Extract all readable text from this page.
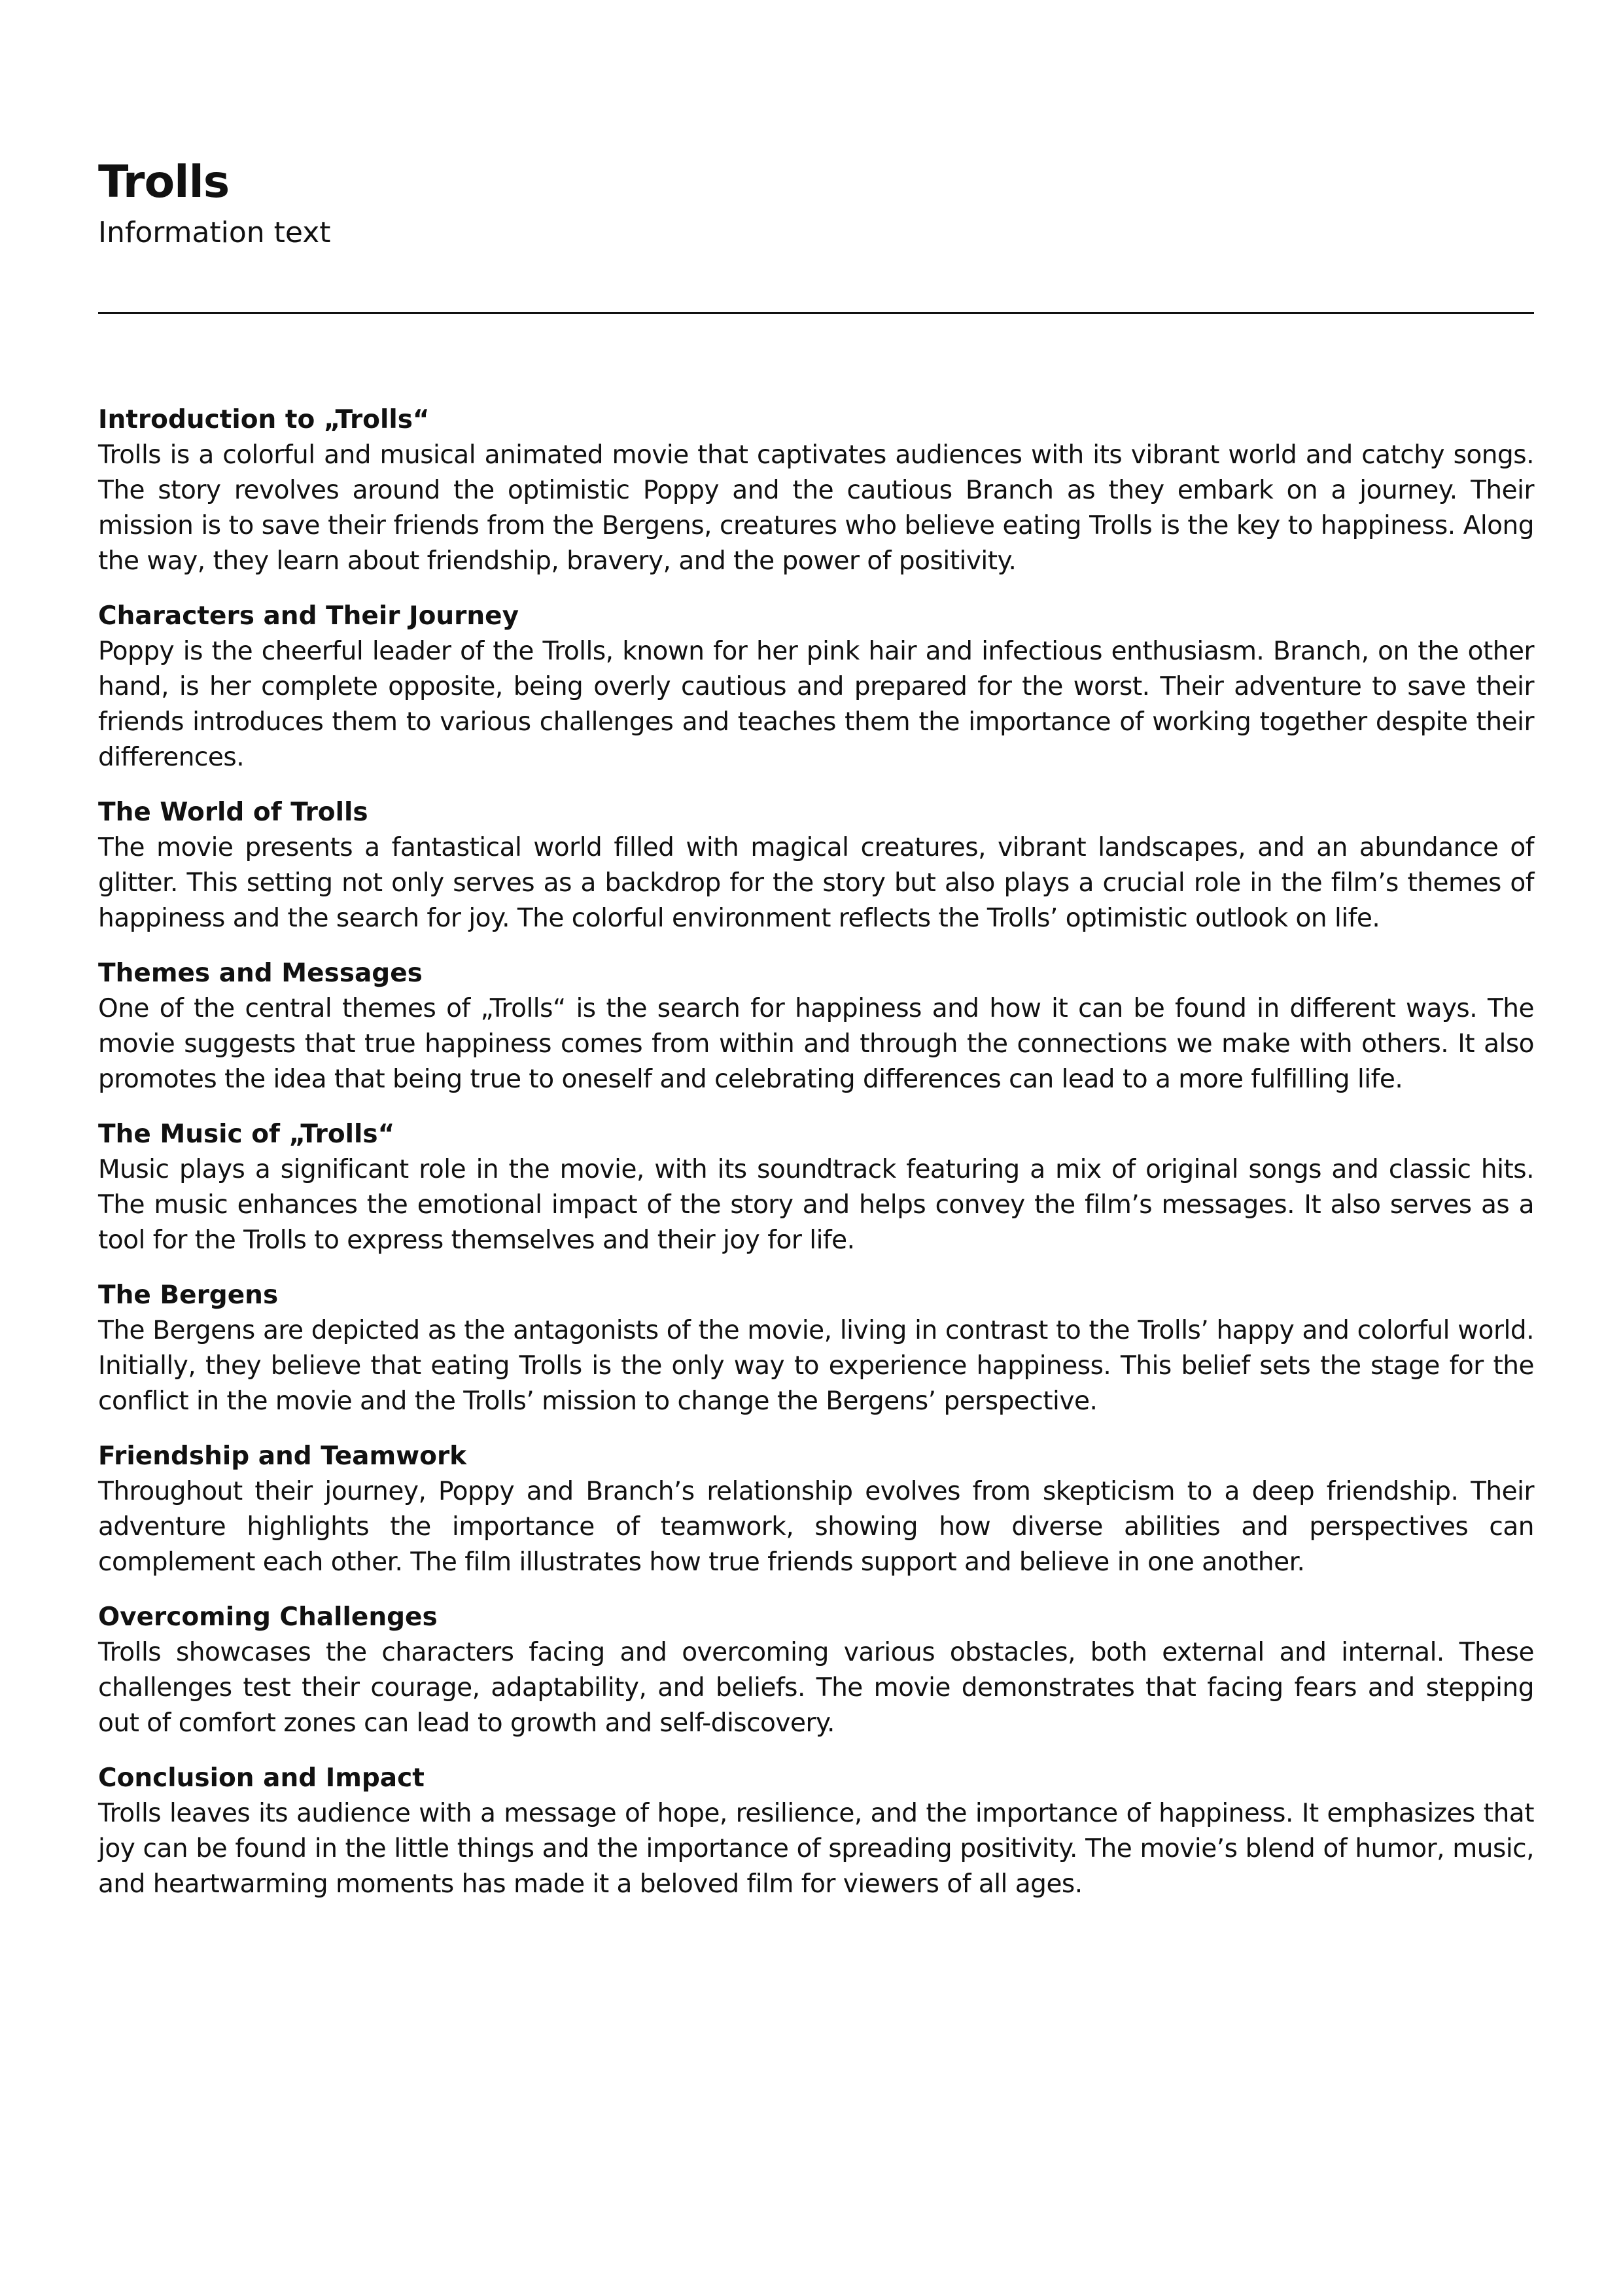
Trolls

Information text

Introduction to „Trolls“

Trolls is a colorful and musical animated movie that captivates audiences with its vibrant world and catchy songs. The story revolves around the optimistic Poppy and the cautious Branch as they embark on a journey. Their mission is to save their friends from the Bergens, creatures who believe eating Trolls is the key to happiness. Along the way, they learn about friendship, bravery, and the power of positivity.

Characters and Their Journey

Poppy is the cheerful leader of the Trolls, known for her pink hair and infectious enthusiasm. Branch, on the other hand, is her complete opposite, being overly cautious and prepared for the worst. Their adventure to save their friends introduces them to various challenges and teaches them the importance of working together despite their differences.

The World of Trolls

The movie presents a fantastical world filled with magical creatures, vibrant landscapes, and an abundance of glitter. This setting not only serves as a backdrop for the story but also plays a crucial role in the film’s themes of happiness and the search for joy. The colorful environment reflects the Trolls’ optimistic outlook on life.

Themes and Messages

One of the central themes of „Trolls“ is the search for happiness and how it can be found in different ways. The movie suggests that true happiness comes from within and through the connections we make with others. It also promotes the idea that being true to oneself and celebrating differences can lead to a more fulfilling life.

The Music of „Trolls“

Music plays a significant role in the movie, with its soundtrack featuring a mix of original songs and classic hits. The music enhances the emotional impact of the story and helps convey the film’s messages. It also serves as a tool for the Trolls to express themselves and their joy for life.

The Bergens

The Bergens are depicted as the antagonists of the movie, living in contrast to the Trolls’ happy and colorful world. Initially, they believe that eating Trolls is the only way to experience happiness. This belief sets the stage for the conflict in the movie and the Trolls’ mission to change the Bergens’ perspective.

Friendship and Teamwork

Throughout their journey, Poppy and Branch’s relationship evolves from skepticism to a deep friendship. Their adventure highlights the importance of teamwork, showing how diverse abilities and perspectives can complement each other. The film illustrates how true friends support and believe in one another.

Overcoming Challenges

Trolls showcases the characters facing and overcoming various obstacles, both external and internal. These challenges test their courage, adaptability, and beliefs. The movie demonstrates that facing fears and stepping out of comfort zones can lead to growth and self-discovery.

Conclusion and Impact

Trolls leaves its audience with a message of hope, resilience, and the importance of happiness. It emphasizes that joy can be found in the little things and the importance of spreading positivity. The movie’s blend of humor, music, and heartwarming moments has made it a beloved film for viewers of all ages.
